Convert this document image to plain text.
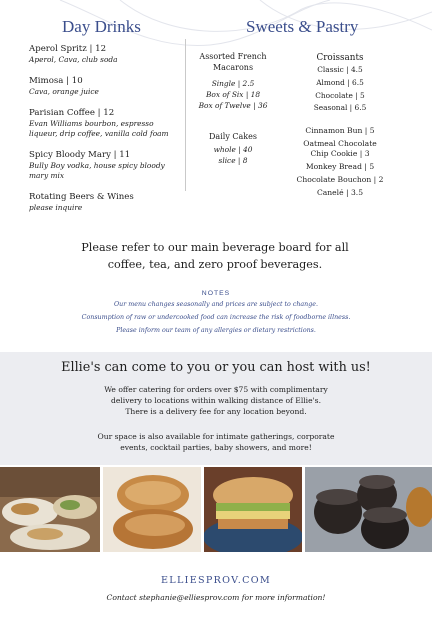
Day Drinks	Sweets & Pastry
Aperol Spritz | 12
Aperol, Cava, club soda
Mimosa | 10
Cava, orange juice
Parisian Coffee | 12
Evan Williams bourbon, espresso
liqueur, drip coffee, vanilla cold foam
Spicy Bloody Mary | 11
Bully Boy vodka, house spicy bloody
mary mix
Rotating Beers & Wines
please inquire
Assorted French
Macarons
Single | 2.5
Box of Six | 18
Box of Twelve | 36
Daily Cakes
whole | 40
slice | 8
Croissants
Classic | 4.5
Almond | 6.5
Chocolate | 5
Seasonal | 6.5
Cinnamon Bun | 5
Oatmeal Chocolate
Chip Cookie | 3
Monkey Bread | 5
Chocolate Bouchon | 2
Canelé | 3.5
Please refer to our main beverage board for all
coffee, tea, and zero proof beverages.
NOTES
Our menu changes seasonally and prices are subject to change.
Consumption of raw or undercooked food can increase the risk of foodborne illness.
Please inform our team of any allergies or dietary restrictions.
Ellie's can come to you or you can host with us!
We offer catering for orders over $75 with complimentary
delivery to locations within walking distance of Ellie's.
There is a delivery fee for any location beyond.
Our space is also available for intimate gatherings, corporate
events, cocktail parties, baby showers, and more!
ELLIESPROV.COM
Contact stephanie@elliesprov.com for more information!
